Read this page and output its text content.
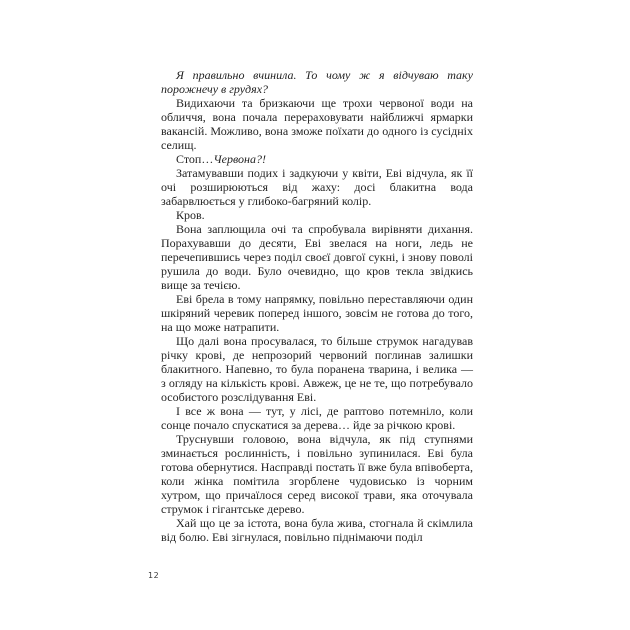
Я правильно вчинила. То чому ж я відчуваю таку порожнечу в грудях?

Видихаючи та бризкаючи ще трохи червоної води на обличчя, вона почала перераховувати найближчі ярмарки вакансій. Можливо, вона зможе поїхати до одного із сусідніх селищ.

Стоп…Червона?!

Затамувавши подих і задкуючи у квіти, Еві відчула, як її очі розширюються від жаху: досі блакитна вода забарвлюється у глибоко-багряний колір.

Кров.

Вона заплющила очі та спробувала вирівняти дихання. Порахувавши до десяти, Еві звелася на ноги, ледь не перечепившись через поділ своєї довгої сукні, і знову поволі рушила до води. Було очевидно, що кров текла звідкись вище за течією.

Еві брела в тому напрямку, повільно переставляючи один шкіряний черевик поперед іншого, зовсім не готова до того, на що може натрапити.

Що далі вона просувалася, то більше струмок нагадував річку крові, де непрозорий червоний поглинав залишки блакитного. Напевно, то була поранена тварина, і велика — з огляду на кількість крові. Авжеж, це не те, що потребувало особистого розслідування Еві.

І все ж вона — тут, у лісі, де раптово потемніло, коли сонце почало спускатися за дерева… йде за річкою крові.

Труснувши головою, вона відчула, як під ступнями зминається рослинність, і повільно зупинилася. Еві була готова обернутися. Насправді постать її вже була впівоберта, коли жінка помітила згорблене чудовисько із чорним хутром, що причаїлося серед високої трави, яка оточувала струмок і гігантське дерево.

Хай що це за істота, вона була жива, стогнала й скімлила від болю. Еві зігнулася, повільно піднімаючи поділ

12
